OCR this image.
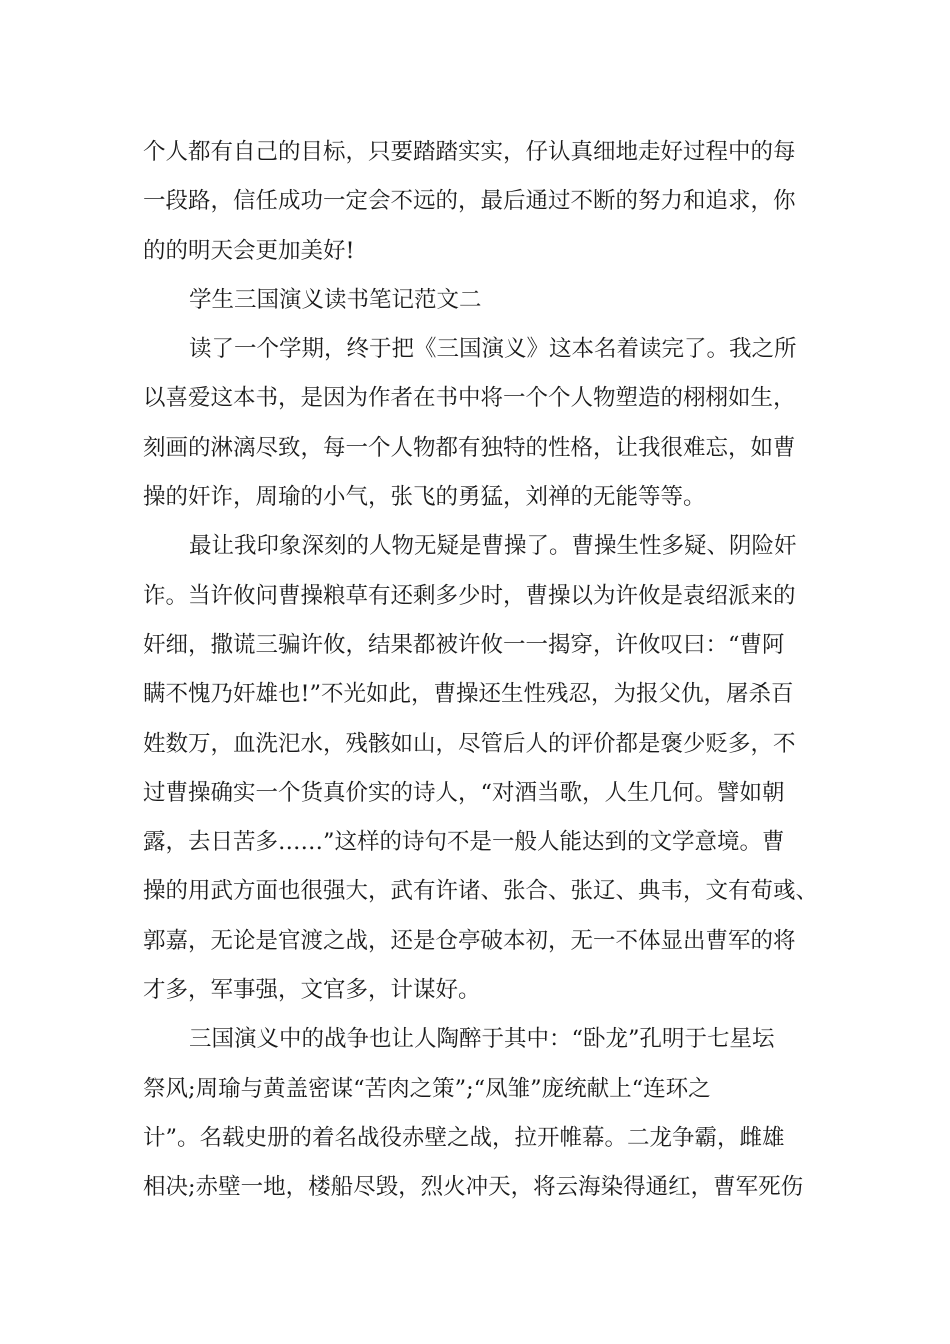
个人都有自己的目标，只要踏踏实实，仔认真细地走好过程中的每
一段路，信任成功一定会不远的，最后通过不断的努力和追求，你
的的明天会更加美好!
学生三国演义读书笔记范文二
读了一个学期，终于把《三国演义》这本名着读完了。我之所
以喜爱这本书，是因为作者在书中将一个个人物塑造的栩栩如生，
刻画的淋漓尽致，每一个人物都有独特的性格，让我很难忘，如曹
操的奸诈，周瑜的小气，张飞的勇猛，刘禅的无能等等。
最让我印象深刻的人物无疑是曹操了。曹操生性多疑、阴险奸
诈。当许攸问曹操粮草有还剩多少时，曹操以为许攸是袁绍派来的
奸细，撒谎三骗许攸，结果都被许攸一一揭穿，许攸叹曰：“曹阿
瞒不愧乃奸雄也!”不光如此，曹操还生性残忍，为报父仇，屠杀百
姓数万，血洗汜水，残骸如山，尽管后人的评价都是褒少贬多，不
过曹操确实一个货真价实的诗人，“对酒当歌，人生几何。譬如朝
露，去日苦多……”这样的诗句不是一般人能达到的文学意境。曹
操的用武方面也很强大，武有许诸、张合、张辽、典韦，文有荀彧、
郭嘉，无论是官渡之战，还是仓亭破本初，无一不体显出曹军的将
才多，军事强，文官多，计谋好。
三国演义中的战争也让人陶醉于其中：“卧龙”孔明于七星坛
祭风;周瑜与黄盖密谋“苦肉之策”;“凤雏”庞统献上“连环之
计”。名载史册的着名战役赤壁之战，拉开帷幕。二龙争霸，雌雄
相决;赤壁一地，楼船尽毁，烈火冲天，将云海染得通红，曹军死伤
